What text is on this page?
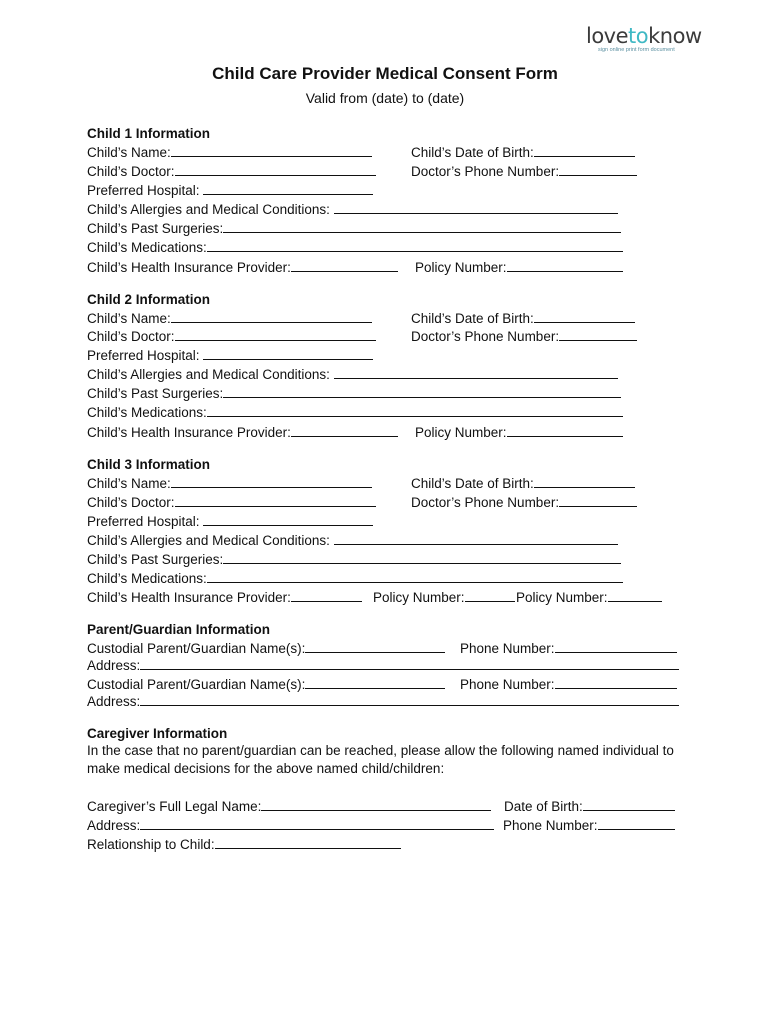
lovetoknow
sign online print form document
Child Care Provider Medical Consent Form
Valid from (date) to (date)
Child 1 Information
Child’s Name:	Child’s Date of Birth:
Child’s Doctor:	Doctor’s Phone Number:
Preferred Hospital:
Child’s Allergies and Medical Conditions:
Child’s Past Surgeries:
Child’s Medications:
Child’s Health Insurance Provider:	Policy Number:
Child 2 Information
Child’s Name:	Child’s Date of Birth:
Child’s Doctor:	Doctor’s Phone Number:
Preferred Hospital:
Child’s Allergies and Medical Conditions:
Child’s Past Surgeries:
Child’s Medications:
Child’s Health Insurance Provider:	Policy Number:
Child 3 Information
Child’s Name:	Child’s Date of Birth:
Child’s Doctor:	Doctor’s Phone Number:
Preferred Hospital:
Child’s Allergies and Medical Conditions:
Child’s Past Surgeries:
Child’s Medications:
Child’s Health Insurance Provider:	Policy Number:	Policy Number:
Parent/Guardian Information
Custodial Parent/Guardian Name(s):	Phone Number:
Address:
Custodial Parent/Guardian Name(s):	Phone Number:
Address:
Caregiver Information
In the case that no parent/guardian can be reached, please allow the following named individual to make medical decisions for the above named child/children:
Caregiver’s Full Legal Name:	Date of Birth:
Address:	Phone Number:
Relationship to Child:
